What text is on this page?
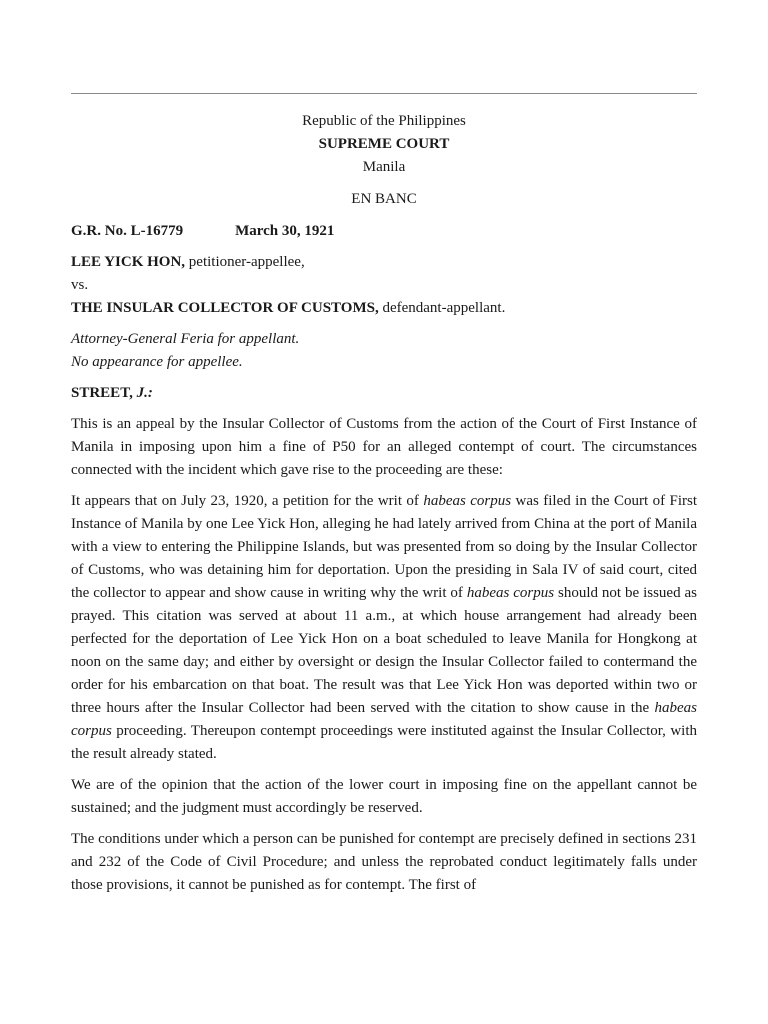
Republic of the Philippines
SUPREME COURT
Manila
EN BANC
G.R. No. L-16779	March 30, 1921
LEE YICK HON, petitioner-appellee,
vs.
THE INSULAR COLLECTOR OF CUSTOMS, defendant-appellant.
Attorney-General Feria for appellant.
No appearance for appellee.
STREET, J.:

This is an appeal by the Insular Collector of Customs from the action of the Court of First Instance of Manila in imposing upon him a fine of P50 for an alleged contempt of court. The circumstances connected with the incident which gave rise to the proceeding are these:

It appears that on July 23, 1920, a petition for the writ of habeas corpus was filed in the Court of First Instance of Manila by one Lee Yick Hon, alleging he had lately arrived from China at the port of Manila with a view to entering the Philippine Islands, but was presented from so doing by the Insular Collector of Customs, who was detaining him for deportation. Upon the presiding in Sala IV of said court, cited the collector to appear and show cause in writing why the writ of habeas corpus should not be issued as prayed. This citation was served at about 11 a.m., at which house arrangement had already been perfected for the deportation of Lee Yick Hon on a boat scheduled to leave Manila for Hongkong at noon on the same day; and either by oversight or design the Insular Collector failed to contermand the order for his embarcation on that boat. The result was that Lee Yick Hon was deported within two or three hours after the Insular Collector had been served with the citation to show cause in the habeas corpus proceeding. Thereupon contempt proceedings were instituted against the Insular Collector, with the result already stated.

We are of the opinion that the action of the lower court in imposing fine on the appellant cannot be sustained; and the judgment must accordingly be reserved.

The conditions under which a person can be punished for contempt are precisely defined in sections 231 and 232 of the Code of Civil Procedure; and unless the reprobated conduct legitimately falls under those provisions, it cannot be punished as for contempt. The first of
